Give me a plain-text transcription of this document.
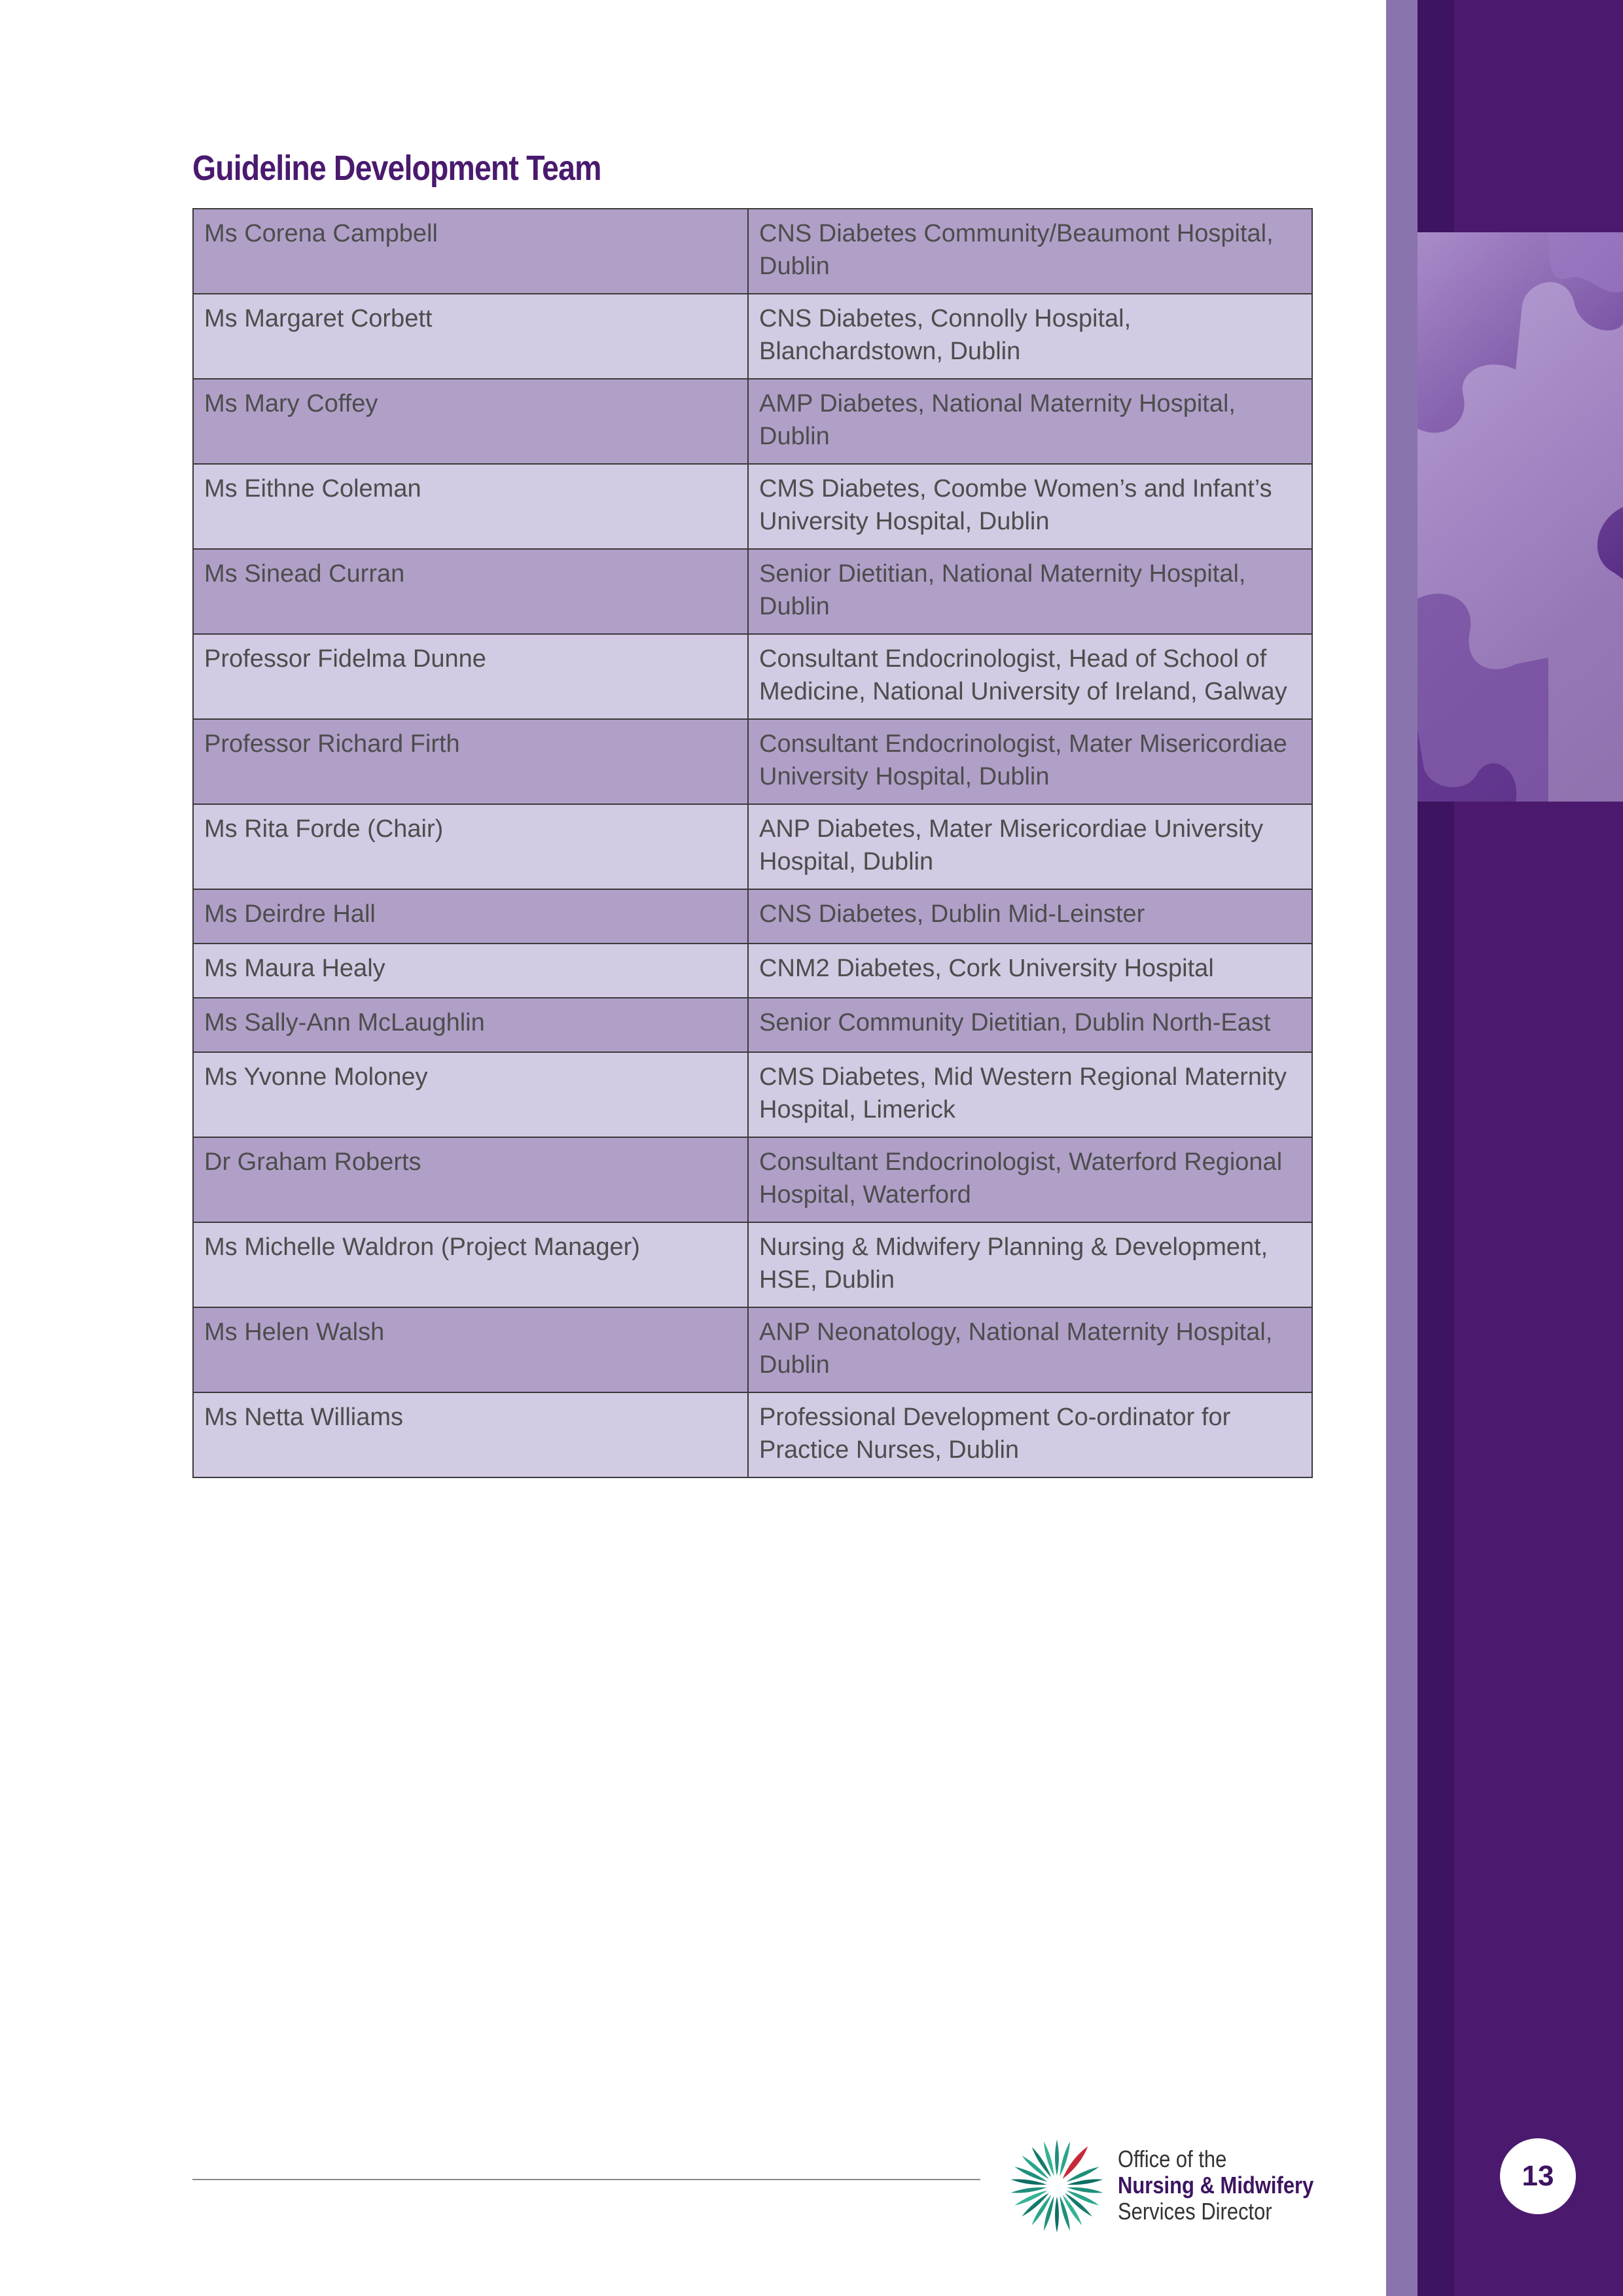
Guideline Development Team
Ms Corena Campbell	CNS Diabetes Community/Beaumont Hospital, Dublin
Ms Margaret Corbett	CNS Diabetes, Connolly Hospital, Blanchardstown, Dublin
Ms Mary Coffey	AMP Diabetes, National Maternity Hospital, Dublin
Ms Eithne Coleman	CMS Diabetes, Coombe Women’s and Infant’s University Hospital, Dublin
Ms Sinead Curran	Senior Dietitian, National Maternity Hospital, Dublin
Professor Fidelma Dunne	Consultant Endocrinologist, Head of School of Medicine, National University of Ireland, Galway
Professor Richard Firth	Consultant Endocrinologist, Mater Misericordiae University Hospital, Dublin
Ms Rita Forde (Chair)	ANP Diabetes, Mater Misericordiae University Hospital, Dublin
Ms Deirdre Hall	CNS Diabetes, Dublin Mid-Leinster
Ms Maura Healy	CNM2 Diabetes, Cork University Hospital
Ms Sally-Ann McLaughlin	Senior Community Dietitian, Dublin North-East
Ms Yvonne Moloney	CMS Diabetes, Mid Western Regional Maternity Hospital, Limerick
Dr Graham Roberts	Consultant Endocrinologist, Waterford Regional Hospital, Waterford
Ms Michelle Waldron (Project Manager)	Nursing & Midwifery Planning & Development, HSE, Dublin
Ms Helen Walsh	ANP Neonatology, National Maternity Hospital, Dublin
Ms Netta Williams	Professional Development Co-ordinator for Practice Nurses, Dublin
Office of the
Nursing & Midwifery
Services Director
13
